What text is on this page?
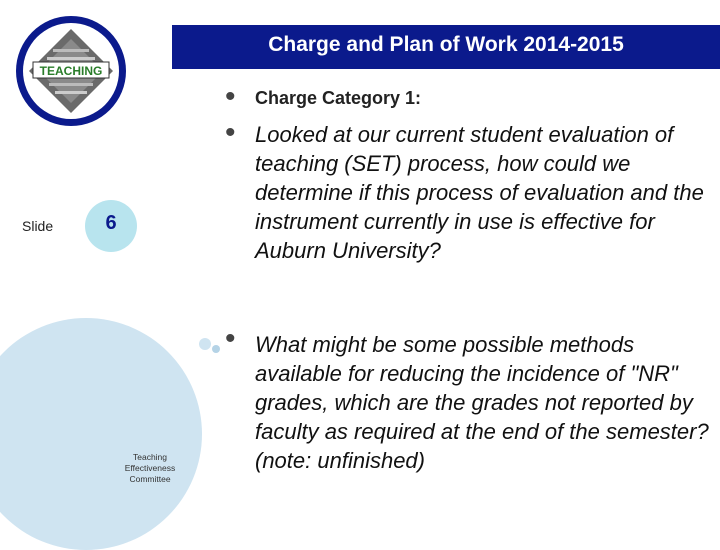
Charge and Plan of Work 2014-2015
TEACHING
Slide	6
Teaching
Effectiveness
Committee
• Charge Category 1:
• Looked at our current student evaluation of teaching (SET) process, how could we determine if this process of evaluation and the instrument currently in use is effective for Auburn University?
• What might be some possible methods available for reducing the incidence of "NR" grades, which are the grades not reported by faculty as required at the end of the semester? (note: unfinished)
